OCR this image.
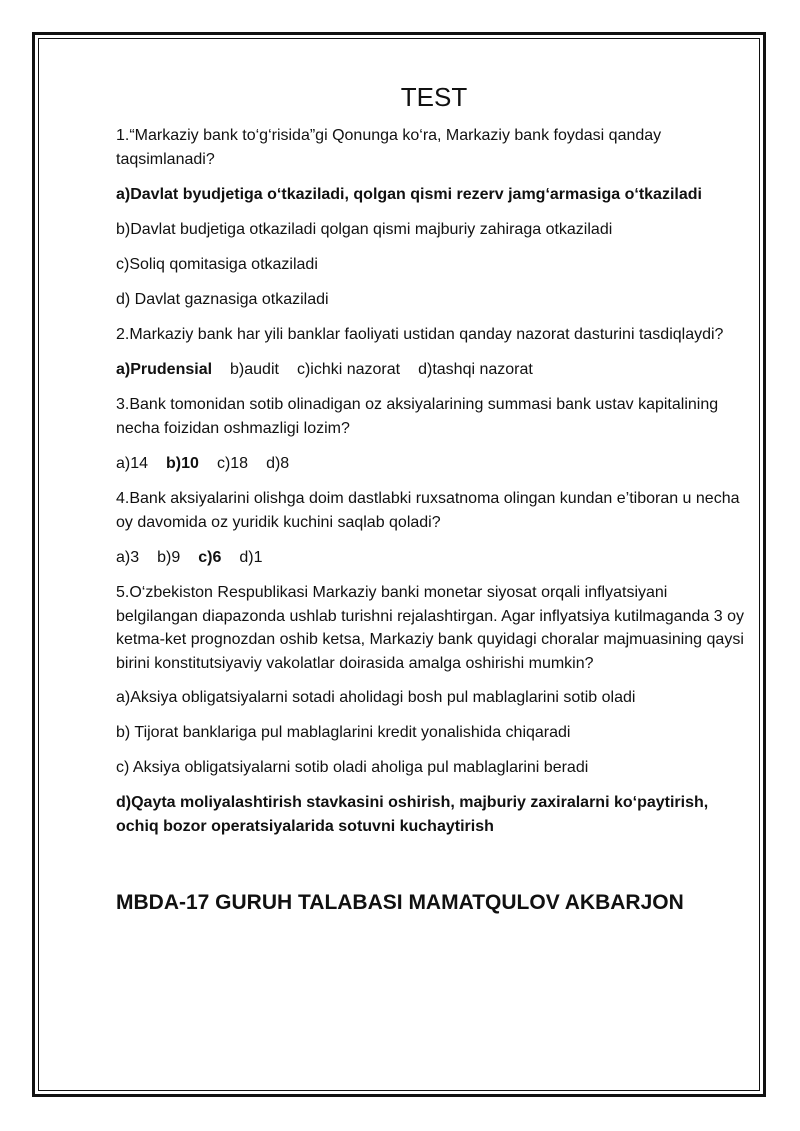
TEST
1.“Markaziy bank to‘g‘risida”gi Qonunga ko‘ra, Markaziy bank foydasi qanday taqsimlanadi?
a)Davlat byudjetiga o‘tkaziladi, qolgan qismi rezerv jamg‘armasiga o‘tkaziladi
b)Davlat budjetiga otkaziladi qolgan qismi majburiy zahiraga otkaziladi
c)Soliq qomitasiga otkaziladi
d) Davlat gaznasiga otkaziladi
2.Markaziy bank har yili banklar faoliyati ustidan qanday nazorat dasturini tasdiqlaydi?
a)Prudensial b)audit c)ichki nazorat d)tashqi nazorat
3.Bank tomonidan sotib olinadigan oz aksiyalarining summasi bank ustav kapitalining necha foizidan oshmazligi lozim?
a)14 b)10 c)18 d)8
4.Bank aksiyalarini olishga doim dastlabki ruxsatnoma olingan kundan e’tiboran u necha oy davomida oz yuridik kuchini saqlab qoladi?
a)3 b)9 c)6 d)1
5.O‘zbekiston Respublikasi Markaziy banki monetar siyosat orqali inflyatsiyani belgilangan diapazonda ushlab turishni rejalashtirgan. Agar inflyatsiya kutilmaganda 3 oy ketma-ket prognozdan oshib ketsa, Markaziy bank quyidagi choralar majmuasining qaysi birini konstitutsiyaviy vakolatlar doirasida amalga oshirishi mumkin?
a)Aksiya obligatsiyalarni sotadi aholidagi bosh pul mablaglarini sotib oladi
b) Tijorat banklariga pul mablaglarini kredit yonalishida chiqaradi
c) Aksiya obligatsiyalarni sotib oladi aholiga pul mablaglarini beradi
d)Qayta moliyalashtirish stavkasini oshirish, majburiy zaxiralarni ko‘paytirish, ochiq bozor operatsiyalarida sotuvni kuchaytirish
MBDA-17 GURUH TALABASI MAMATQULOV AKBARJON
